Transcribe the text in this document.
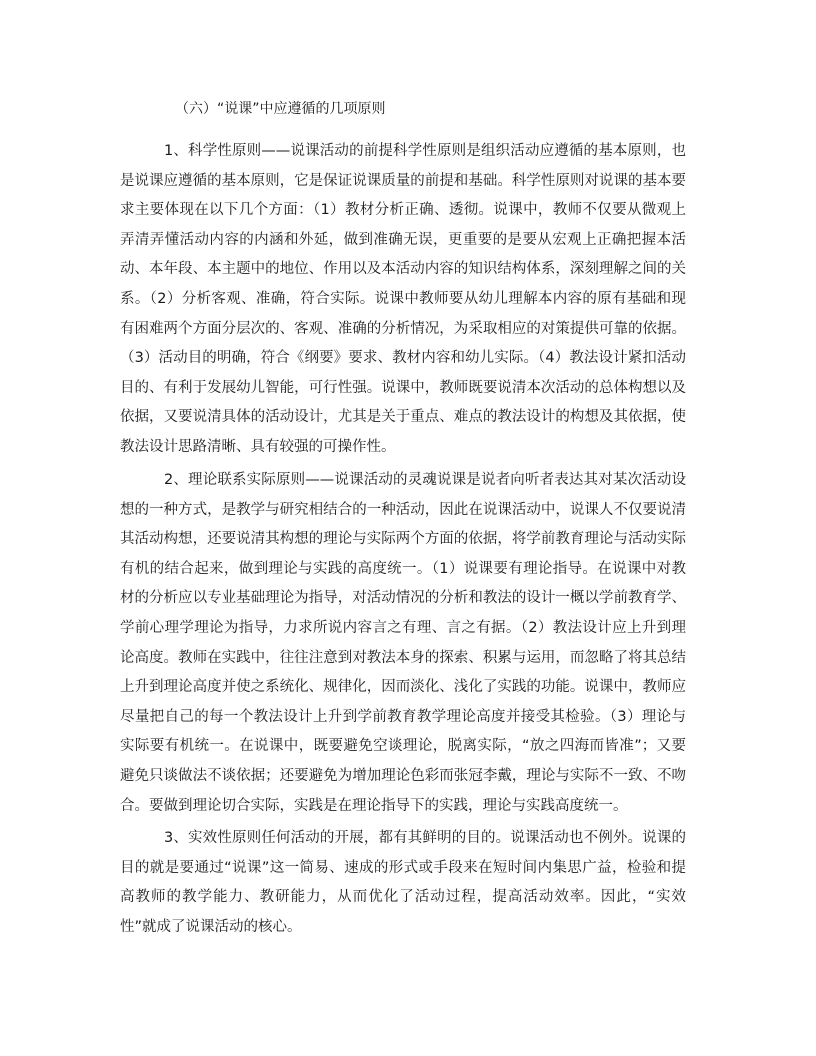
（六）“说课”中应遵循的几项原则

1、科学性原则——说课活动的前提科学性原则是组织活动应遵循的基本原则，也是说课应遵循的基本原则，它是保证说课质量的前提和基础。科学性原则对说课的基本要求主要体现在以下几个方面：（1）教材分析正确、透彻。说课中，教师不仅要从微观上弄清弄懂活动内容的内涵和外延，做到准确无误，更重要的是要从宏观上正确把握本活动、本年段、本主题中的地位、作用以及本活动内容的知识结构体系，深刻理解之间的关系。（2）分析客观、准确，符合实际。说课中教师要从幼儿理解本内容的原有基础和现有困难两个方面分层次的、客观、准确的分析情况，为采取相应的对策提供可靠的依据。（3）活动目的明确，符合《纲要》要求、教材内容和幼儿实际。（4）教法设计紧扣活动目的、有利于发展幼儿智能，可行性强。说课中，教师既要说清本次活动的总体构想以及依据，又要说清具体的活动设计，尤其是关于重点、难点的教法设计的构想及其依据，使教法设计思路清晰、具有较强的可操作性。

2、理论联系实际原则——说课活动的灵魂说课是说者向听者表达其对某次活动设想的一种方式，是教学与研究相结合的一种活动，因此在说课活动中，说课人不仅要说清其活动构想，还要说清其构想的理论与实际两个方面的依据，将学前教育理论与活动实际有机的结合起来，做到理论与实践的高度统一。（1）说课要有理论指导。在说课中对教材的分析应以专业基础理论为指导，对活动情况的分析和教法的设计一概以学前教育学、学前心理学理论为指导，力求所说内容言之有理、言之有据。（2）教法设计应上升到理论高度。教师在实践中，往往注意到对教法本身的探索、积累与运用，而忽略了将其总结上升到理论高度并使之系统化、规律化，因而淡化、浅化了实践的功能。说课中，教师应尽量把自己的每一个教法设计上升到学前教育教学理论高度并接受其检验。（3）理论与实际要有机统一。在说课中，既要避免空谈理论，脱离实际，“放之四海而皆准”；又要避免只谈做法不谈依据；还要避免为增加理论色彩而张冠李戴，理论与实际不一致、不吻合。要做到理论切合实际，实践是在理论指导下的实践，理论与实践高度统一。

3、实效性原则任何活动的开展，都有其鲜明的目的。说课活动也不例外。说课的目的就是要通过“说课”这一简易、速成的形式或手段来在短时间内集思广益，检验和提高教师的教学能力、教研能力，从而优化了活动过程，提高活动效率。因此，“实效性”就成了说课活动的核心。
